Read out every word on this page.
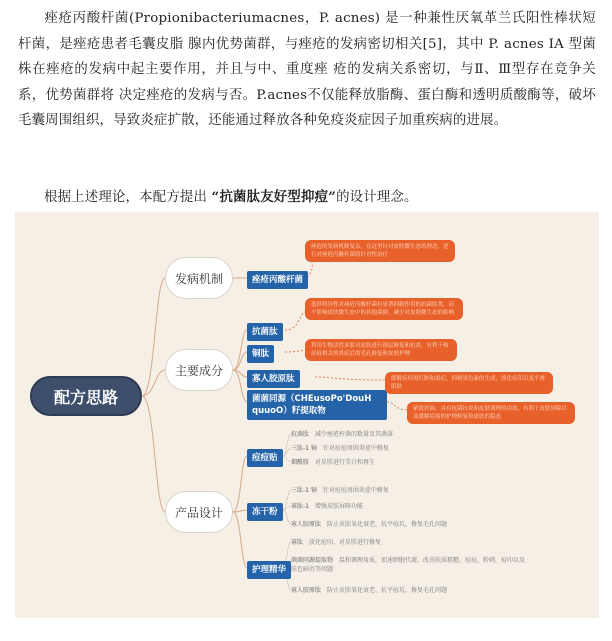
痤疮丙酸杆菌(Propionibacteriumacnes，P. acnes) 是一种兼性厌氧革兰氏阳性棒状短杆菌，是痤疮患者毛囊皮脂 腺内优势菌群，与痤疮的发病密切相关[5]，其中 P. acnes IA 型菌株在痤疮的发病中起主要作用，并且与中、重度痤 疮的发病关系密切，与Ⅱ、Ⅲ型存在竞争关系，优势菌群将 决定痤疮的发病与否。P.acnes不仅能释放脂酶、蛋白酶和透明质酸酶等，破坏毛囊周围组织，导致炎症扩散，还能通过释放各种免疫炎症因子加重疾病的进展。
根据上述理论，本配方提出 “抗菌肽友好型抑痘”的设计理念。
配方思路
发病机制
主要成分
产品设计
痤疮丙酸杆菌
抗菌肽
铜肽
寡人胶原肽
菌菌同源（CHEusoPo'DouH quuoO）籽提取物
痘痘贴
冻干粉
护理精华
痤疮的发病机制复杂，在这里针对皮肤微生态的理念，进行对痤疮丙酸杆菌的针对性治疗
选择特异性对痤疮丙酸杆菌有显著抑制作用的抗菌肽类，而不影响皮肤微生态中的其他菌群，减少对皮肤微生态的影响
利用生物活性多肽对皮肤进行深层修复和抗炎，有利于和痘痕相关的炎症后的毛孔修复和皮肤护理
缓解痘痘的红肿和炎症，抑制黑色素的生成，淡化痘印以及平滑肌肤
紧致控油，具有抗菌抗炎和皮肤调理的功效，有利于皮肤屏障以及缓解痘痕的护理修复和皮肤的稳态
抗菌肽　 减少痤疮杆菌的数量及其菌落
三肽-1 铜　 针对痘痘周围炎症中修复
烟酰胺　 对皮肤进行美白和再生
三肽-1 铜　 针对痘痘周围炎症中修复
寡肽-1　 增强皮肤屏障功能
寡人胶原肽　 防止皮肤氧化衰老，抗平痘坑，修复毛孔问题
寡肽　 淡化痘印，对皮肤进行修复
菌菌同源提取物　 温和调理角质，加速细胞代谢，改善肤质粗糙、痘痘，粉刺，痘印以及肤色暗沉等问题
寡人胶原肽　 防止皮肤氧化衰老，抗平痘坑，修复毛孔问题
